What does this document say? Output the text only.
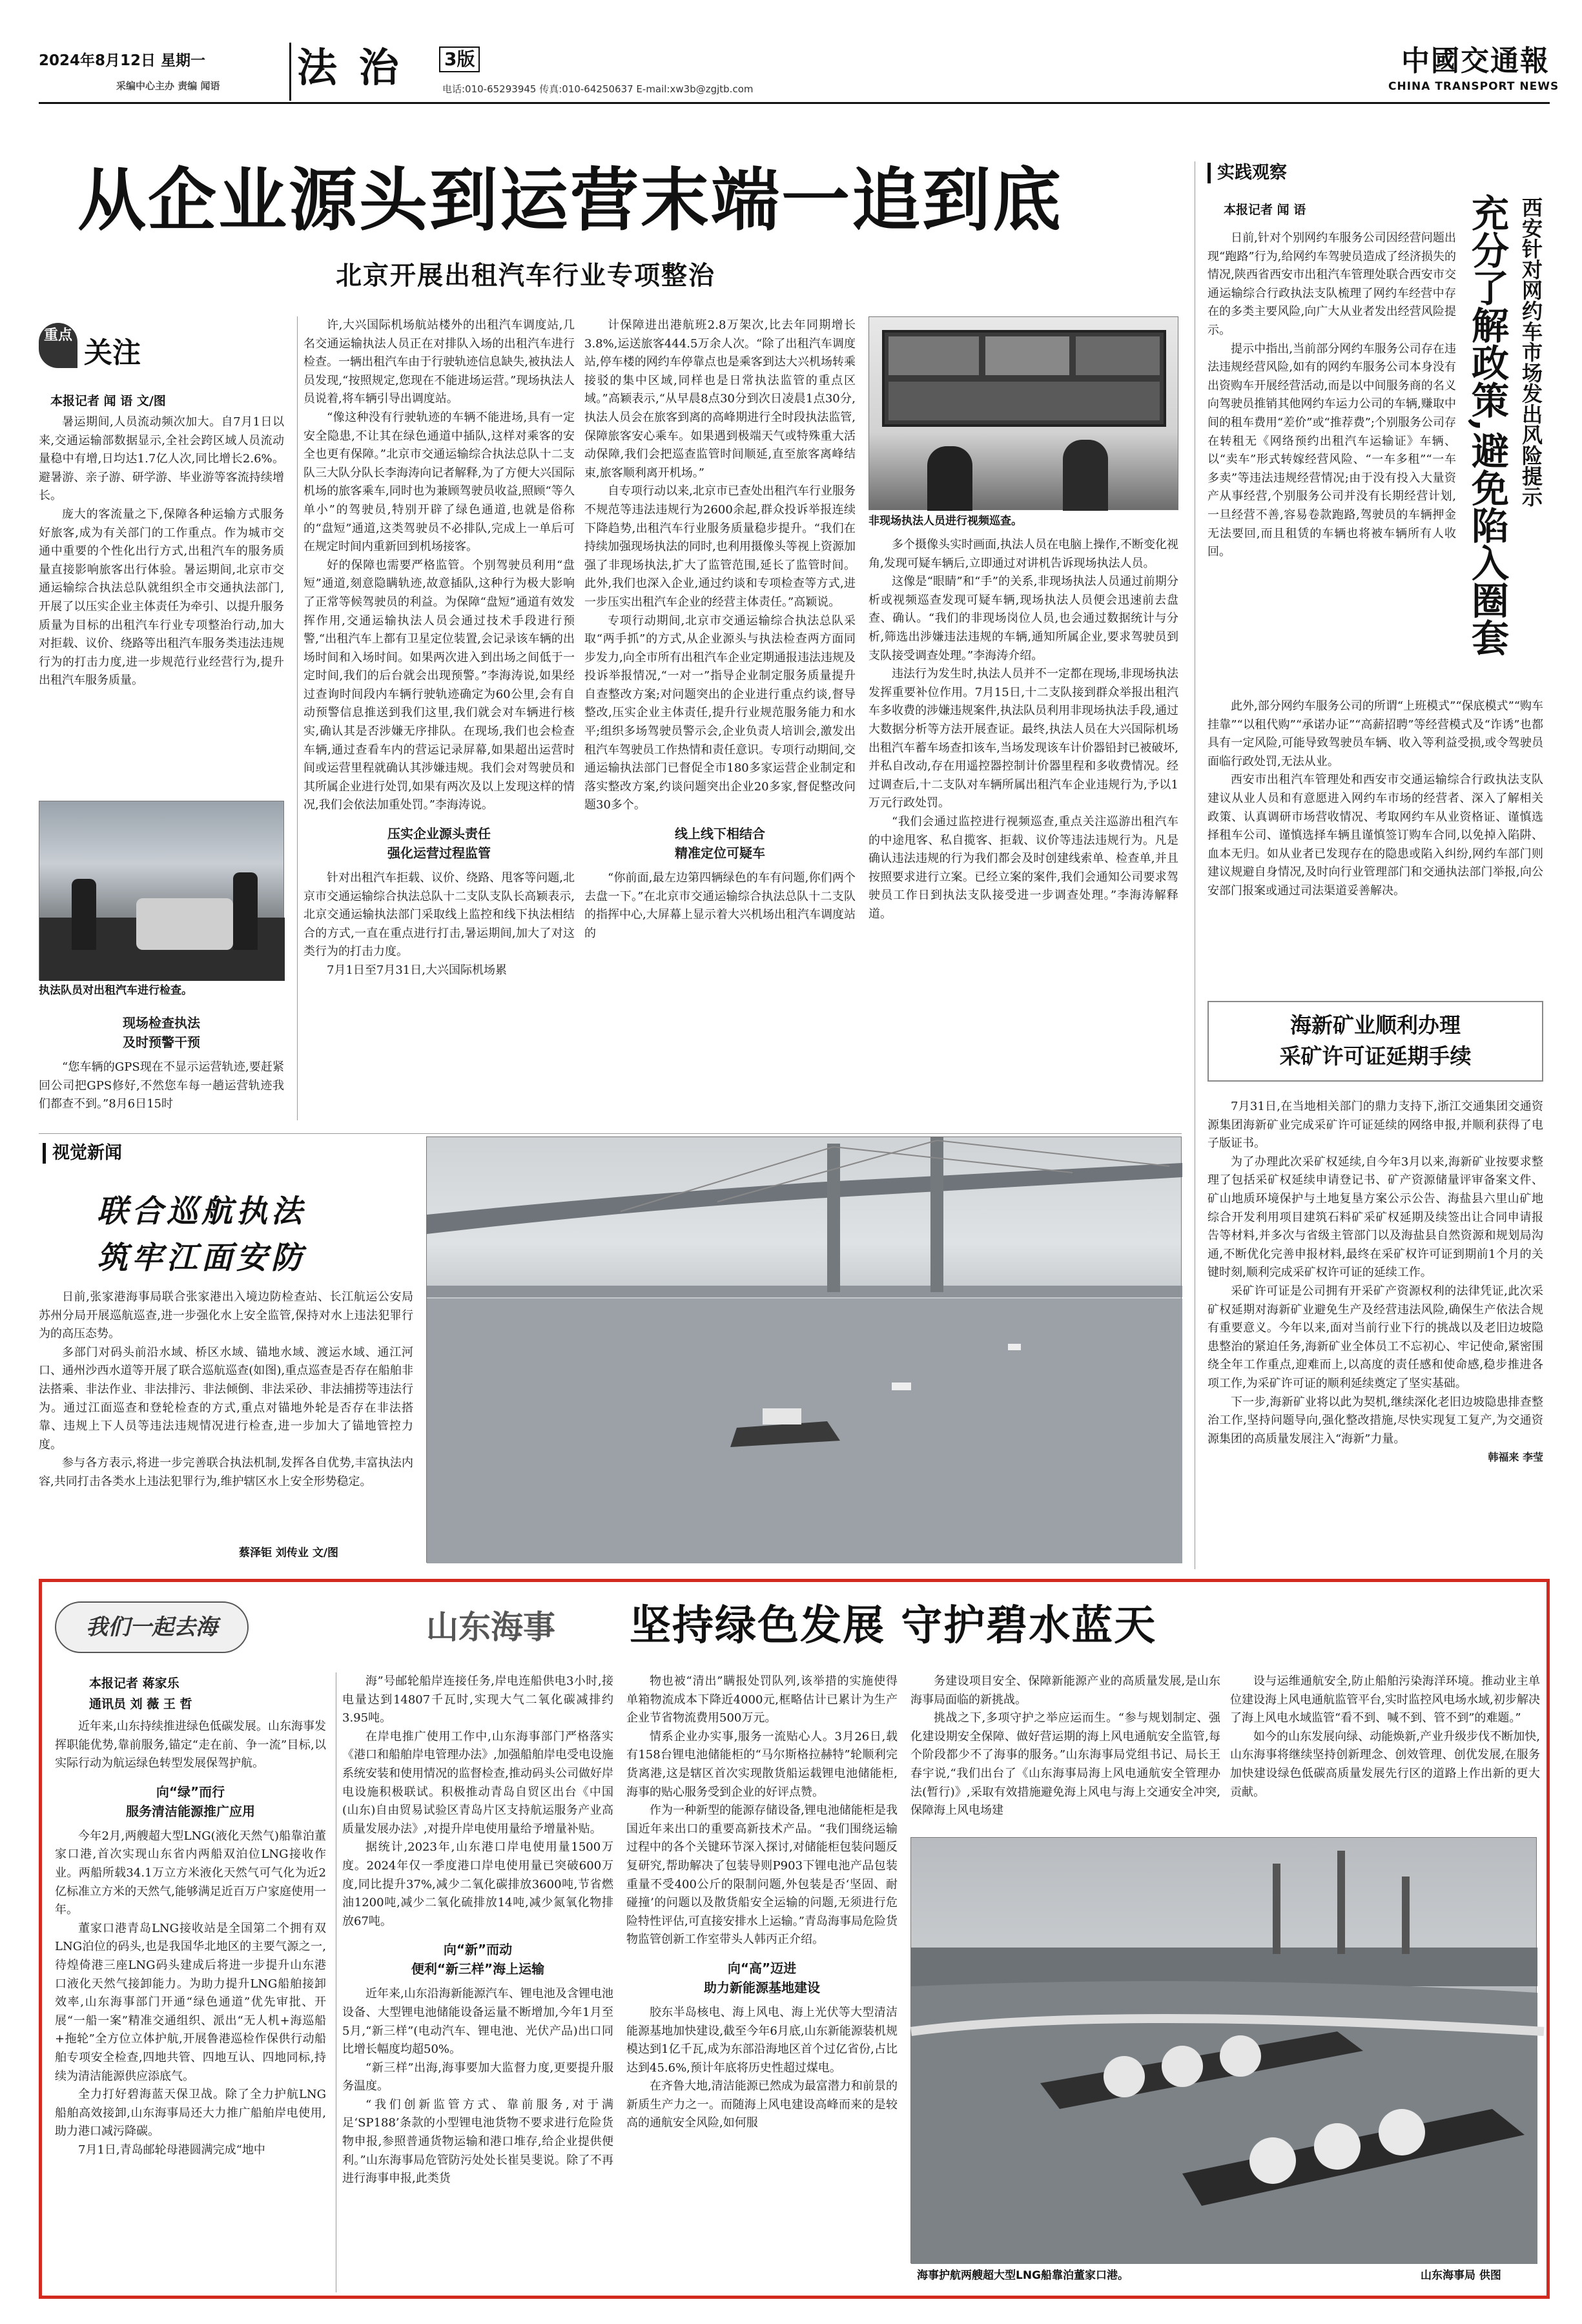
2024年8月12日 星期一
采编中心主办 责编 闻语 法 治 3版
电话:010-65293945 传真:010-64250637 E-mail:xw3b@zgjtb.com
中國交通報
CHINA TRANSPORT NEWS
从企业源头到运营末端一追到底
北京开展出租汽车行业专项整治
重点
关注
本报记者 闻 语 文/图

暑运期间,人员流动频次加大。自7月1日以来,交通运输部数据显示,全社会跨区域人员流动量稳中有增,日均达1.7亿人次,同比增长2.6%。避暑游、亲子游、研学游、毕业游等客流持续增长。

庞大的客流量之下,保障各种运输方式服务好旅客,成为有关部门的工作重点。作为城市交通中重要的个性化出行方式,出租汽车的服务质量直接影响旅客出行体验。暑运期间,北京市交通运输综合执法总队就组织全市交通执法部门,开展了以压实企业主体责任为牵引、以提升服务质量为目标的出租汽车行业专项整治行动,加大对拒载、议价、绕路等出租汽车服务类违法违规行为的打击力度,进一步规范行业经营行为,提升出租汽车服务质量。

执法队员对出租汽车进行检查。
现场检查执法
及时预警干预

“您车辆的GPS现在不显示运营轨迹,要赶紧回公司把GPS修好,不然您车每一趟运营轨迹我们都查不到。”8月6日15时

许,大兴国际机场航站楼外的出租汽车调度站,几名交通运输执法人员正在对排队入场的出租汽车进行检查。一辆出租汽车由于行驶轨迹信息缺失,被执法人员发现,“按照规定,您现在不能进场运营。”现场执法人员说着,将车辆引导出调度站。

“像这种没有行驶轨迹的车辆不能进场,具有一定安全隐患,不让其在绿色通道中插队,这样对乘客的安全也更有保障。”北京市交通运输综合执法总队十二支队三大队分队长李海涛向记者解释,为了方便大兴国际机场的旅客乘车,同时也为兼顾驾驶员收益,照顾“等久单小”的驾驶员,特别开辟了绿色通道,也就是俗称的“盘短”通道,这类驾驶员不必排队,完成上一单后可在规定时间内重新回到机场接客。

好的保障也需要严格监管。个别驾驶员利用“盘短”通道,刻意隐瞒轨迹,故意插队,这种行为极大影响了正常等候驾驶员的利益。为保障“盘短”通道有效发挥作用,交通运输执法人员会通过技术手段进行预警,“出租汽车上都有卫星定位装置,会记录该车辆的出场时间和入场时间。如果两次进入到出场之间低于一定时间,我们的后台就会出现预警。”李海涛说,如果经过查询时间段内车辆行驶轨迹确定为60公里,会有自动预警信息推送到我们这里,我们就会对车辆进行核实,确认其是否涉嫌无序排队。在现场,我们也会检查车辆,通过查看车内的营运记录屏幕,如果超出运营时间或运营里程就确认其涉嫌违规。我们会对驾驶员和其所属企业进行处罚,如果有两次及以上发现这样的情况,我们会依法加重处罚。”李海涛说。

压实企业源头责任
强化运营过程监管

针对出租汽车拒载、议价、绕路、甩客等问题,北京市交通运输综合执法总队十二支队支队长高颖表示,北京交通运输执法部门采取线上监控和线下执法相结合的方式,一直在重点进行打击,暑运期间,加大了对这类行为的打击力度。

7月1日至7月31日,大兴国际机场累

计保障进出港航班2.8万架次,比去年同期增长3.8%,运送旅客444.5万余人次。“除了出租汽车调度站,停车楼的网约车停靠点也是乘客到达大兴机场转乘接驳的集中区域,同样也是日常执法监管的重点区域。”高颖表示,“从早晨8点30分到次日凌晨1点30分,执法人员会在旅客到离的高峰期进行全时段执法监管,保障旅客安心乘车。如果遇到极端天气或特殊重大活动保障,我们会把巡查监管时间顺延,直至旅客离峰结束,旅客顺利离开机场。”

自专项行动以来,北京市已查处出租汽车行业服务不规范等违法违规行为2600余起,群众投诉举报连续下降趋势,出租汽车行业服务质量稳步提升。“我们在持续加强现场执法的同时,也利用摄像头等视上资源加强了非现场执法,扩大了监管范围,延长了监管时间。此外,我们也深入企业,通过约谈和专项检查等方式,进一步压实出租汽车企业的经营主体责任。”高颖说。

专项行动期间,北京市交通运输综合执法总队采取“两手抓”的方式,从企业源头与执法检查两方面同步发力,向全市所有出租汽车企业定期通报违法违规及投诉举报情况,“一对一”指导企业制定服务质量提升自查整改方案;对问题突出的企业进行重点约谈,督导整改,压实企业主体责任,提升行业规范服务能力和水平;组织多场驾驶员警示会,企业负责人培训会,激发出租汽车驾驶员工作热情和责任意识。专项行动期间,交通运输执法部门已督促全市180多家运营企业制定和落实整改方案,约谈问题突出企业20多家,督促整改问题30多个。

线上线下相结合
精准定位可疑车

“你前面,最左边第四辆绿色的车有问题,你们两个去盘一下。”在北京市交通运输综合执法总队十二支队的指挥中心,大屏幕上显示着大兴机场出租汽车调度站的

非现场执法人员进行视频巡查。

多个摄像头实时画面,执法人员在电脑上操作,不断变化视角,发现可疑车辆后,立即通过对讲机告诉现场执法人员。

这像是“眼睛”和“手”的关系,非现场执法人员通过前期分析或视频巡查发现可疑车辆,现场执法人员便会迅速前去盘查、确认。“我们的非现场岗位人员,也会通过数据统计与分析,筛选出涉嫌违法违规的车辆,通知所属企业,要求驾驶员到支队接受调查处理。”李海涛介绍。

违法行为发生时,执法人员并不一定都在现场,非现场执法发挥重要补位作用。7月15日,十二支队接到群众举报出租汽车多收费的涉嫌违规案件,执法队员利用非现场执法手段,通过大数据分析等方法开展查证。最终,执法人员在大兴国际机场出租汽车蓄车场查扣该车,当场发现该车计价器铅封已被破坏,并私自改动,存在用遥控器控制计价器里程和多收费情况。经过调查后,十二支队对车辆所属出租汽车企业违规行为,予以1万元行政处罚。

“我们会通过监控进行视频巡查,重点关注巡游出租汽车的中途甩客、私自揽客、拒载、议价等违法违规行为。凡是确认违法违规的行为我们都会及时创建线索单、检查单,并且按照要求进行立案。已经立案的案件,我们会通知公司要求驾驶员工作日到执法支队接受进一步调查处理。”李海涛解释道。

实践观察
本报记者 闻 语	西安针对网约车市场发出风险提示
充分了解政策,避免陷入圈套

日前,针对个别网约车服务公司因经营问题出现“跑路”行为,给网约车驾驶员造成了经济损失的情况,陕西省西安市出租汽车管理处联合西安市交通运输综合行政执法支队梳理了网约车经营中存在的多类主要风险,向广大从业者发出经营风险提示。

提示中指出,当前部分网约车服务公司存在违法违规经营风险,如有的网约车服务公司本身没有出资购车开展经营活动,而是以中间服务商的名义向驾驶员推销其他网约车运力公司的车辆,赚取中间的租车费用“差价”或“推荐费”;个别服务公司存在转租无《网络预约出租汽车运输证》车辆、以“卖车”形式转嫁经营风险、“一车多租”“一车多卖”等违法违规经营情况;由于没有投入大量资产从事经营,个别服务公司并没有长期经营计划,一旦经营不善,容易卷款跑路,驾驶员的车辆押金无法要回,而且租赁的车辆也将被车辆所有人收回。

此外,部分网约车服务公司的所谓“上班模式”“保底模式”“购车挂靠”“以租代购”“承诺办证”“高薪招聘”等经营模式及“诈诱”也都具有一定风险,可能导致驾驶员车辆、收入等利益受损,或令驾驶员面临行政处罚,无法从业。

西安市出租汽车管理处和西安市交通运输综合行政执法支队建议从业人员和有意愿进入网约车市场的经营者、深入了解相关政策、认真调研市场营收情况、考取网约车从业资格证、谨慎选择租车公司、谨慎选择车辆且谨慎签订购车合同,以免掉入陷阱、血本无归。如从业者已发现存在的隐患或陷入纠纷,网约车部门则建议规避自身情况,及时向行业管理部门和交通执法部门举报,向公安部门报案或通过司法渠道妥善解决。

海新矿业顺利办理
采矿许可证延期手续

7月31日,在当地相关部门的鼎力支持下,浙江交通集团交通资源集团海新矿业完成采矿许可证延续的网络申报,并顺利获得了电子版证书。

为了办理此次采矿权延续,自今年3月以来,海新矿业按要求整理了包括采矿权延续申请登记书、矿产资源储量评审备案文件、矿山地质环境保护与土地复垦方案公示公告、海盐县六里山矿地综合开发利用项目建筑石料矿采矿权延期及续签出让合同申请报告等材料,并多次与省级主管部门以及海盐县自然资源和规划局沟通,不断优化完善申报材料,最终在采矿权许可证到期前1个月的关键时刻,顺利完成采矿权许可证的延续工作。

采矿许可证是公司拥有开采矿产资源权利的法律凭证,此次采矿权延期对海新矿业避免生产及经营违法风险,确保生产依法合规有重要意义。今年以来,面对当前行业下行的挑战以及老旧边坡隐患整治的紧迫任务,海新矿业全体员工不忘初心、牢记使命,紧密围绕全年工作重点,迎难而上,以高度的责任感和使命感,稳步推进各项工作,为采矿许可证的顺利延续奠定了坚实基础。

下一步,海新矿业将以此为契机,继续深化老旧边坡隐患排查整治工作,坚持问题导向,强化整改措施,尽快实现复工复产,为交通资源集团的高质量发展注入“海新”力量。

韩福来 李莹
视觉新闻
联合巡航执法
筑牢江面安防

日前,张家港海事局联合张家港出入境边防检查站、长江航运公安局苏州分局开展巡航巡查,进一步强化水上安全监管,保持对水上违法犯罪行为的高压态势。

多部门对码头前沿水域、桥区水域、锚地水域、渡运水域、通江河口、通州沙西水道等开展了联合巡航巡查(如图),重点巡查是否存在船舶非法搭乘、非法作业、非法排污、非法倾倒、非法采砂、非法捕捞等违法行为。通过江面巡查和登轮检查的方式,重点对锚地外轮是否存在非法搭靠、违规上下人员等违法违规情况进行检查,进一步加大了锚地管控力度。

参与各方表示,将进一步完善联合执法机制,发挥各自优势,丰富执法内容,共同打击各类水上违法犯罪行为,维护辖区水上安全形势稳定。

蔡泽钜 刘传业 文/图
我们一起去海	山东海事 坚持绿色发展 守护碧水蓝天
本报记者 蒋家乐
通讯员 刘 薇 王 哲

近年来,山东持续推进绿色低碳发展。山东海事发挥职能优势,靠前服务,锚定“走在前、争一流”目标,以实际行动为航运绿色转型发展保驾护航。

向“绿”而行
服务清洁能源推广应用

今年2月,两艘超大型LNG(液化天然气)船靠泊董家口港,首次实现山东省内两船双泊位LNG接收作业。两船所载34.1万立方米液化天然气可气化为近2亿标准立方米的天然气,能够满足近百万户家庭使用一年。

董家口港青岛LNG接收站是全国第二个拥有双LNG泊位的码头,也是我国华北地区的主要气源之一,待煌倚港三座LNG码头建成后将进一步提升山东港口液化天然气接卸能力。为助力提升LNG船舶接卸效率,山东海事部门开通“绿色通道”优先审批、开展“一船一案”精准交通组织、派出“无人机+海巡船+拖轮”全方位立体护航,开展鲁港巡检作保供行动船舶专项安全检查,四地共管、四地互认、四地同标,持续为清洁能源供应添底气。

全力打好碧海蓝天保卫战。除了全力护航LNG船舶高效接卸,山东海事局还大力推广船舶岸电使用,助力港口减污降碳。

7月1日,青岛邮轮母港圆满完成“地中

海”号邮轮船岸连接任务,岸电连船供电3小时,接电量达到14807千瓦时,实现大气二氧化碳减排约3.95吨。

在岸电推广使用工作中,山东海事部门严格落实《港口和船舶岸电管理办法》,加强船舶岸电受电设施系统安装和使用情况的监督检查,推动码头公司做好岸电设施积极联试。积极推动青岛自贸区出台《中国(山东)自由贸易试验区青岛片区支持航运服务产业高质量发展办法》,对提升岸电使用量给予增量补贴。

据统计,2023年,山东港口岸电使用量1500万度。2024年仅一季度港口岸电使用量已突破600万度,同比提升37%,减少二氧化碳排放3600吨,节省燃油1200吨,减少二氧化硫排放14吨,减少氮氧化物排放67吨。

向“新”而动
便利“新三样”海上运输

近年来,山东沿海新能源汽车、锂电池及含锂电池设备、大型锂电池储能设备运量不断增加,今年1月至5月,“新三样”(电动汽车、锂电池、光伏产品)出口同比增长幅度均超50%。

“新三样”出海,海事要加大监督力度,更要提升服务温度。

“我们创新监管方式、靠前服务,对于满足‘SP188’条款的小型锂电池货物不要求进行危险货物申报,参照普通货物运输和港口堆存,给企业提供便利。”山东海事局危管防污处处长崔昊斐说。除了不再进行海事申报,此类货

物也被“清出”瞒报处罚队列,该举措的实施使得单箱物流成本下降近4000元,框略估计已累计为生产企业节省物流费用500万元。

情系企业办实事,服务一流贴心人。3月26日,载有158台锂电池储能柜的“马尔斯格拉赫特”轮顺利完货离港,这是辖区首次实现散货船运载锂电池储能柜,海事的贴心服务受到企业的好评点赞。

作为一种新型的能源存储设备,锂电池储能柜是我国近年来出口的重要高新技术产品。“我们围绕运输过程中的各个关键环节深入探讨,对储能柜包装问题反复研究,帮助解决了包装导则P903下锂电池产品包装重量不受400公斤的限制问题,外包装是否‘坚固、耐碰撞’的问题以及散货船安全运输的问题,无须进行危险特性评估,可直接安排水上运输。”青岛海事局危险货物监管创新工作室带头人韩丙正介绍。

向“高”迈进
助力新能源基地建设

胶东半岛核电、海上风电、海上光伏等大型清洁能源基地加快建设,截至今年6月底,山东新能源装机规模达到1亿千瓦,成为东部沿海地区首个过亿省份,占比达到45.6%,预计年底将历史性超过煤电。

在齐鲁大地,清洁能源已然成为最富潜力和前景的新质生产力之一。而随海上风电建设高峰而来的是较高的通航安全风险,如何服

务建设项目安全、保障新能源产业的高质量发展,是山东海事局面临的新挑战。

挑战之下,多项守护之举应运而生。“参与规划制定、强化建设期安全保障、做好营运期的海上风电通航安全监管,每个阶段都少不了海事的服务。”山东海事局党组书记、局长王春宇说,“我们出台了《山东海事局海上风电通航安全管理办法(暂行)》,采取有效措施避免海上风电与海上交通安全冲突,保障海上风电场建

设与运维通航安全,防止船舶污染海洋环境。推动业主单位建设海上风电通航监管平台,实时监控风电场水域,初步解决了海上风电水域监管“看不到、喊不到、管不到”的难题。”

如今的山东发展向绿、动能焕新,产业升级步伐不断加快,山东海事将继续坚持创新理念、创效管理、创优发展,在服务加快建设绿色低碳高质量发展先行区的道路上作出新的更大贡献。

海事护航两艘超大型LNG船靠泊董家口港。	山东海事局 供图
